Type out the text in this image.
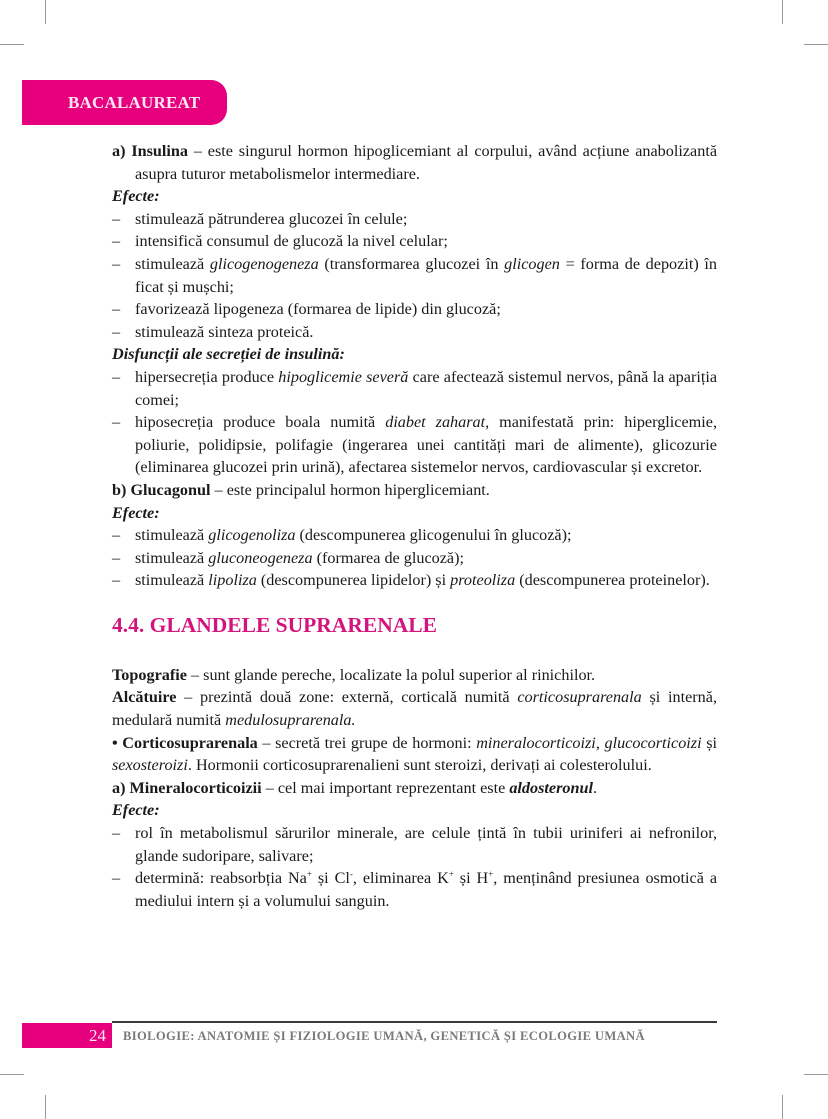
BACALAUREAT

a) Insulina – este singurul hormon hipoglicemiant al corpului, având acțiune anabolizantă asupra tuturor metabolismelor intermediare.

Efecte:

– stimulează pătrunderea glucozei în celule;

– intensifică consumul de glucoză la nivel celular;

– stimulează glicogenogeneza (transformarea glucozei în glicogen = forma de depozit) în ficat și mușchi;

– favorizează lipogeneza (formarea de lipide) din glucoză;

– stimulează sinteza proteică.

Disfuncții ale secreției de insulină:

– hipersecreția produce hipoglicemie severă care afectează sistemul nervos, până la apariția comei;

– hiposecreția produce boala numită diabet zaharat, manifestată prin: hiperglicemie, poliurie, polidipsie, polifagie (ingerarea unei cantități mari de alimente), glicozurie (eliminarea glucozei prin urină), afectarea sistemelor nervos, cardiovascular și excretor.

b) Glucagonul – este principalul hormon hiperglicemiant.

Efecte:

– stimulează glicogenoliza (descompunerea glicogenului în glucoză);

– stimulează gluconeogeneza (formarea de glucoză);

– stimulează lipoliza (descompunerea lipidelor) și proteoliza (descompunerea proteinelor).

4.4. GLANDELE SUPRARENALE

Topografie – sunt glande pereche, localizate la polul superior al rinichilor.

Alcătuire – prezintă două zone: externă, corticală numită corticosuprarenala și internă, medulară numită medulosuprarenala.

• Corticosuprarenala – secretă trei grupe de hormoni: mineralocorticoizi, glucocorticoizi și sexosteroizi. Hormonii corticosuprarenalieni sunt steroizi, derivați ai colesterolului.

a) Mineralocorticoizii – cel mai important reprezentant este aldosteronul.

Efecte:

– rol în metabolismul sărurilor minerale, are celule țintă în tubii uriniferi ai nefronilor, glande sudoripare, salivare;

– determină: reabsorbția Na+ și Cl-, eliminarea K+ și H+, menținând presiunea osmotică a mediului intern și a volumului sanguin.

24	BIOLOGIE: ANATOMIE ȘI FIZIOLOGIE UMANĂ, GENETICĂ ȘI ECOLOGIE UMANĂ
